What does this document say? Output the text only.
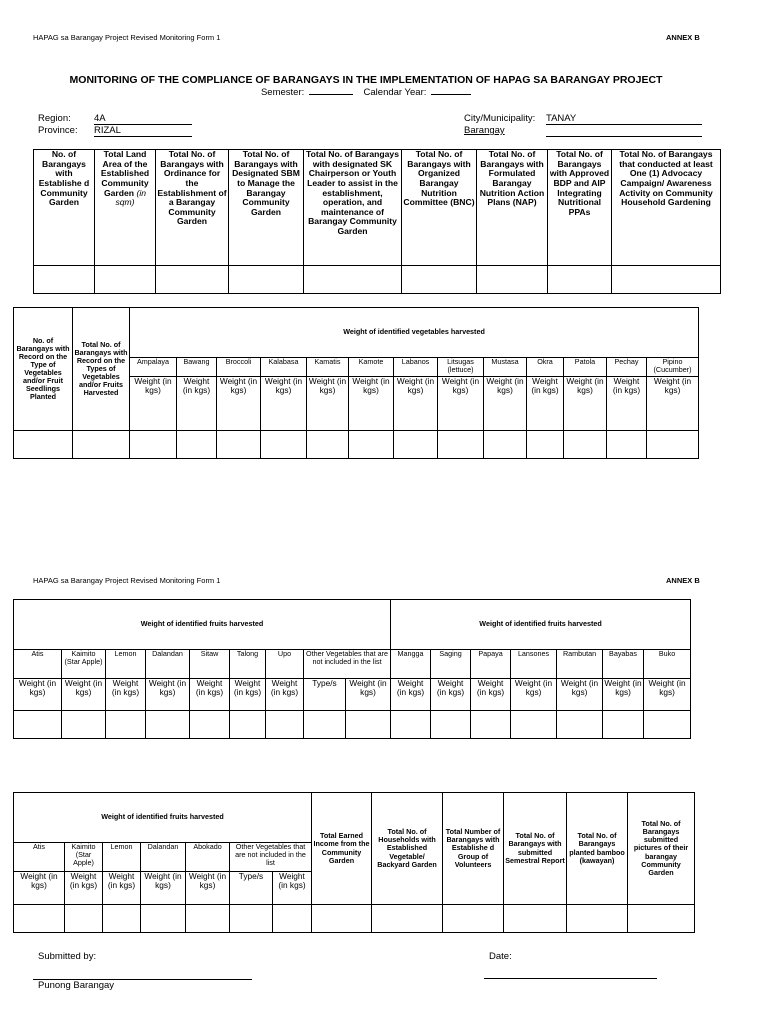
HAPAG sa Barangay Project Revised Monitoring Form 1	ANNEX B
MONITORING OF THE COMPLIANCE OF BARANGAYS IN THE IMPLEMENTATION OF HAPAG SA BARANGAY PROJECT
Semester:	Calendar Year:
Region: 4A
Province: RIZAL
City/Municipality: TANAY
Barangay
No. of Barangays with Establishe d Community Garden	Total Land Area of the Established Community Garden (in sqm)	Total No. of Barangays with Ordinance for the Establishment of a Barangay Community Garden	Total No. of Barangays with Designated SBM to Manage the Barangay Community Garden	Total No. of Barangays with designated SK Chairperson or Youth Leader to assist in the establishment, operation, and maintenance of Barangay Community Garden	Total No. of Barangays with Organized Barangay Nutrition Committee (BNC)	Total No. of Barangays with Formulated Barangay Nutrition Action Plans (NAP)	Total No. of Barangays with Approved BDP and AIP Integrating Nutritional PPAs	Total No. of Barangays that conducted at least One (1) Advocacy Campaign/ Awareness Activity on Community Household Gardening

No. of Barangays with Record on the Type of Vegetables and/or Fruit Seedlings Planted	Total No. of Barangays with Record on the Types of Vegetables and/or Fruits Harvested	Weight of identified vegetables harvested												
		Ampalaya	Bawang	Broccoli	Kalabasa	Kamatis	Kamote	Labanos	Litsugas (lettuce)	Mustasa	Okra	Patola	Pechay	Pipino (Cucumber)
		Weight (in kgs)	Weight (in kgs)	Weight (in kgs)	Weight (in kgs)	Weight (in kgs)	Weight (in kgs)	Weight (in kgs)	Weight (in kgs)	Weight (in kgs)	Weight (in kgs)	Weight (in kgs)	Weight (in kgs)	Weight (in kgs)

HAPAG sa Barangay Project Revised Monitoring Form 1	ANNEX B
Weight of identified fruits harvested									Weight of identified fruits harvested						
Atis	Kaimito (Star Apple)	Lemon	Dalandan	Sitaw	Talong	Upo	Other Vegetables that are not included in the list		Mangga	Saging	Papaya	Lansones	Rambutan	Bayabas	Buko
Weight (in kgs)	Weight (in kgs)	Weight (in kgs)	Weight (in kgs)	Weight (in kgs)	Weight (in kgs)	Weight (in kgs)	Type/s	Weight (in kgs)	Weight (in kgs)	Weight (in kgs)	Weight (in kgs)	Weight (in kgs)	Weight (in kgs)	Weight (in kgs)	Weight (in kgs)

Weight of identified fruits harvested							Total Earned Income from the Community Garden	Total No. of Households with Established Vegetable/ Backyard Garden	Total Number of Barangays with Establishe d Group of Volunteers	Total No. of Barangays with submitted Semestral Report	Total No. of Barangays planted bamboo (kawayan)	Total No. of Barangays submitted pictures of their barangay Community Garden
Atis	Kaimito (Star Apple)	Lemon	Dalandan	Abokado	Other Vegetables that are not included in the list							
Weight (in kgs)	Weight (in kgs)	Weight (in kgs)	Weight (in kgs)	Weight (in kgs)	Type/s	Weight (in kgs)						

Submitted by:	Date:
Punong Barangay
